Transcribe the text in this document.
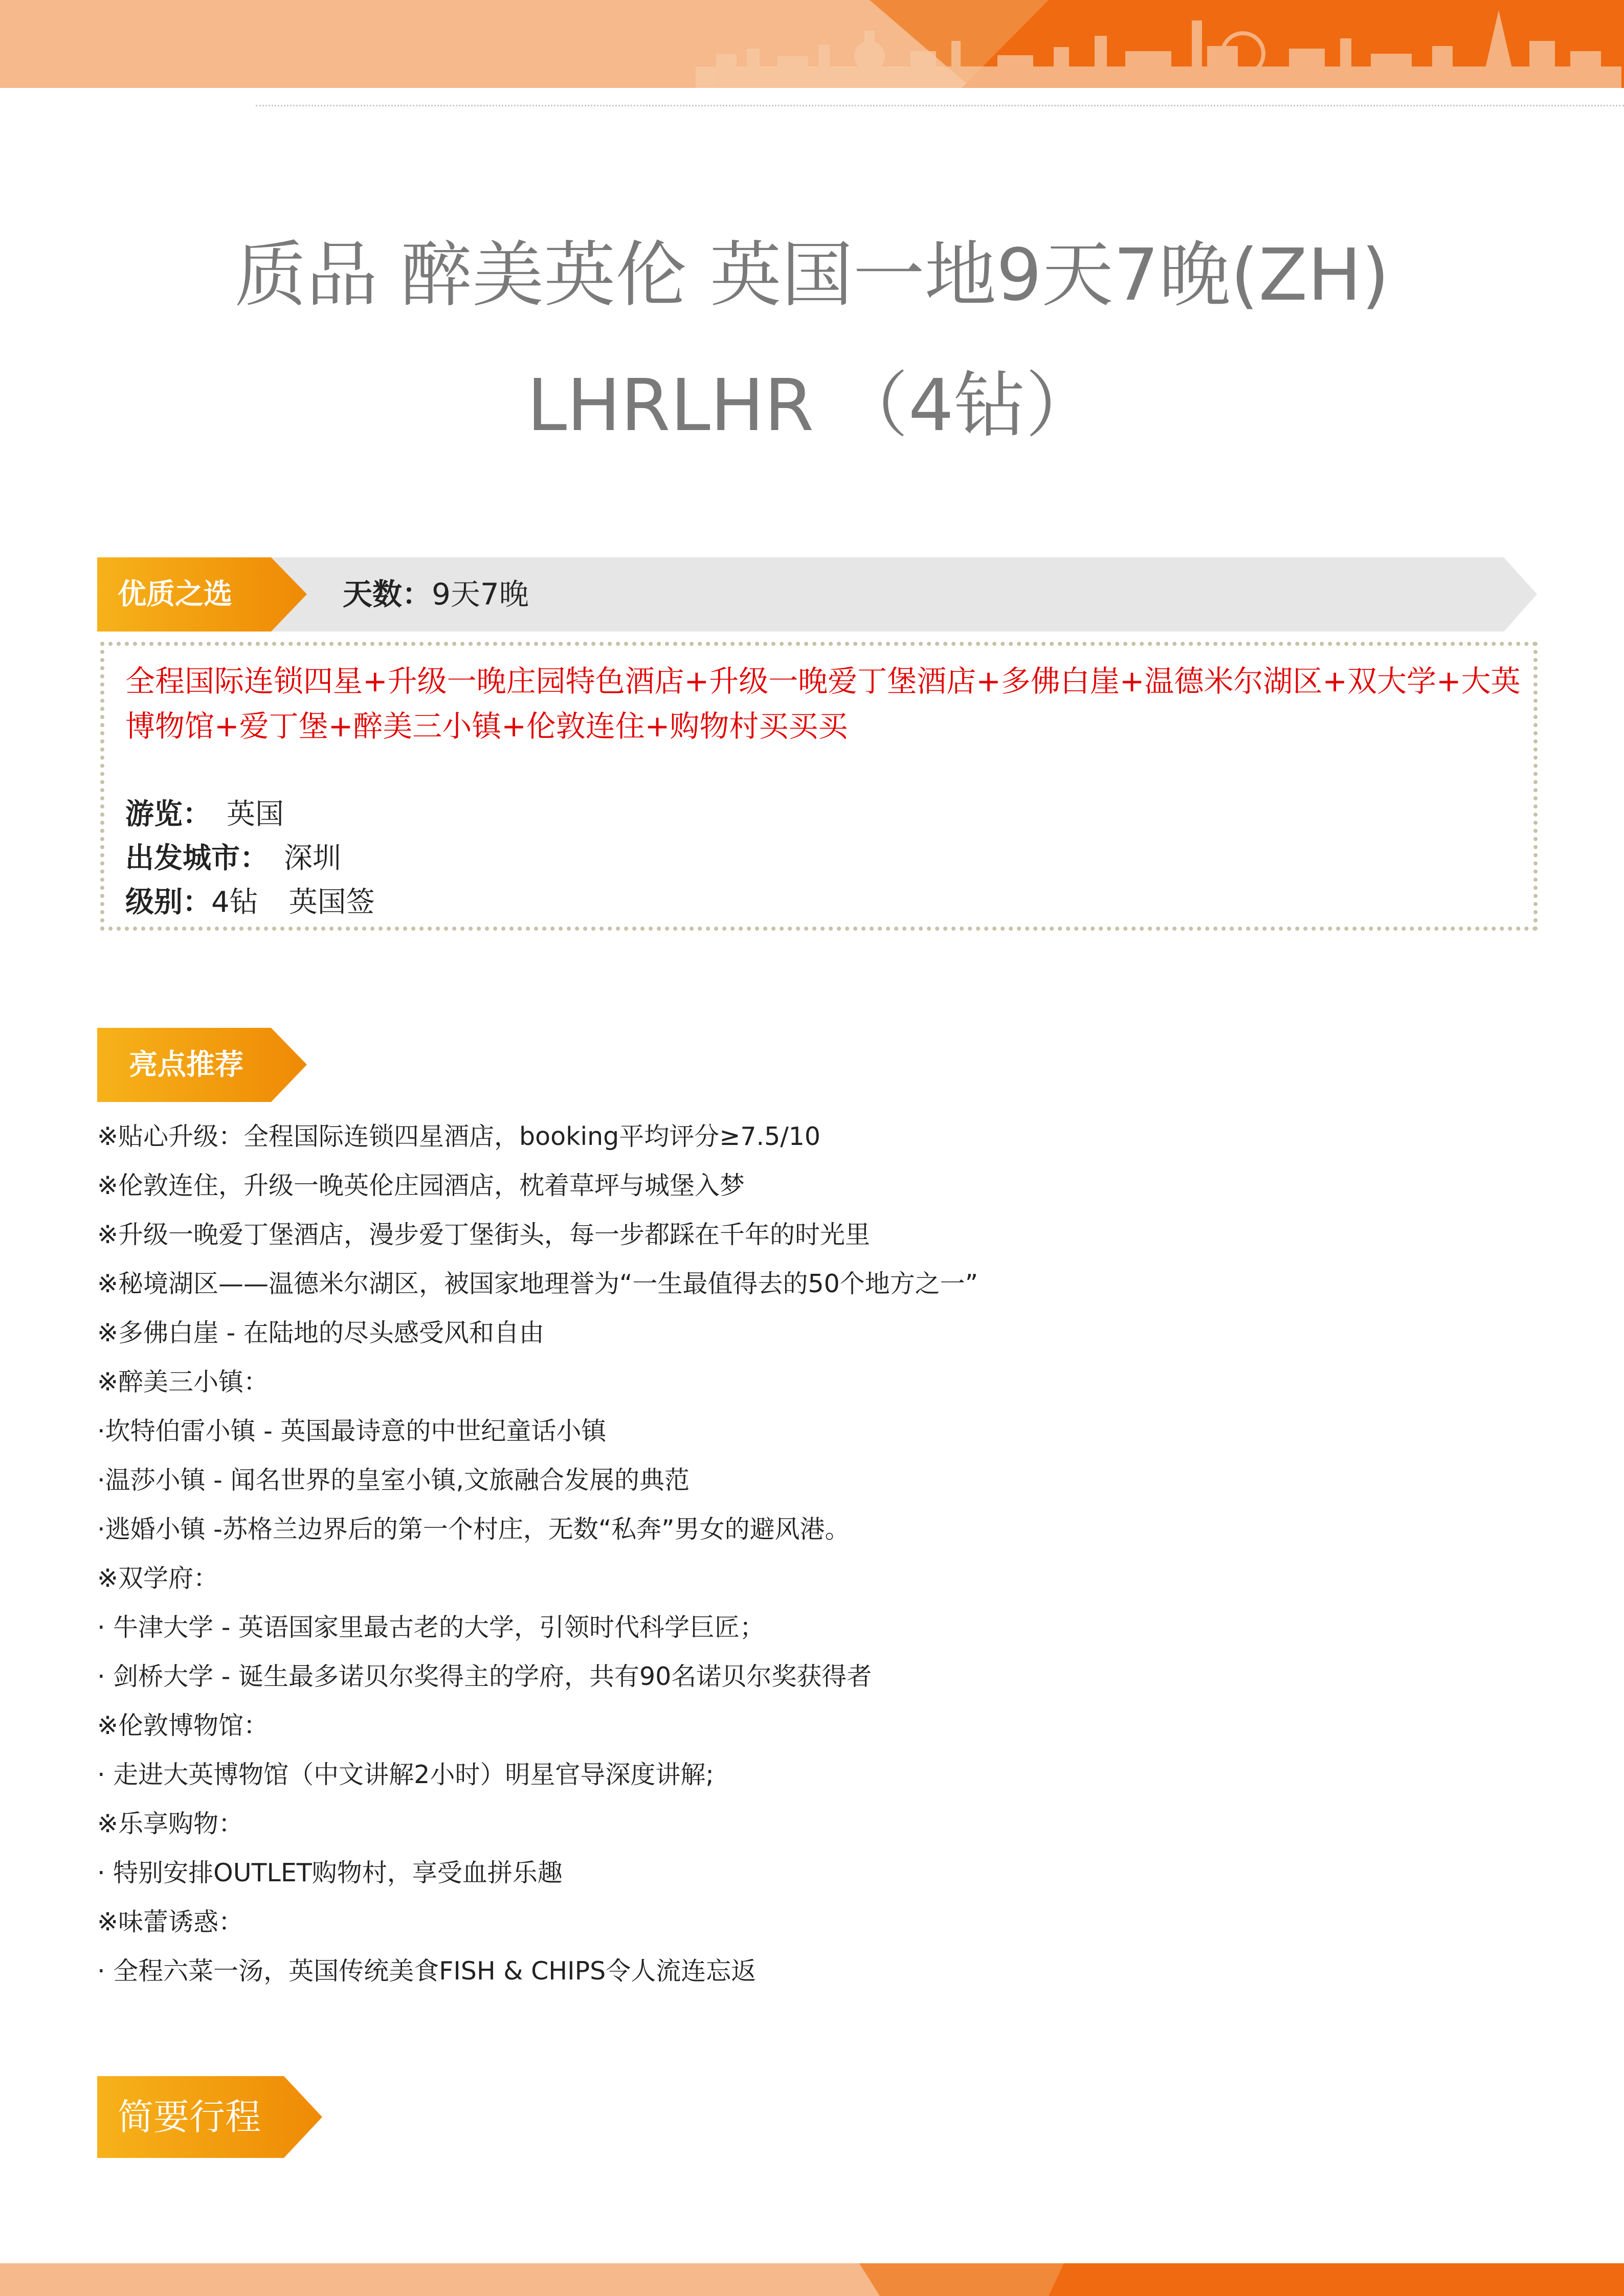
质品 醉美英伦 英国一地9天7晚(ZH)
LHRLHR （4钻）
优质之选	天数：9天7晚
全程国际连锁四星+升级一晚庄园特色酒店+升级一晚爱丁堡酒店+多佛白崖+温德米尔湖区+双大学+大英博物馆+爱丁堡+醉美三小镇+伦敦连住+购物村买买买
游览： 英国
出发城市： 深圳
级别：4钻 英国签
亮点推荐
※贴心升级：全程国际连锁四星酒店，booking平均评分≥7.5/10
※伦敦连住，升级一晚英伦庄园酒店，枕着草坪与城堡入梦
※升级一晚爱丁堡酒店，漫步爱丁堡街头，每一步都踩在千年的时光里
※秘境湖区——温德米尔湖区，被国家地理誉为“一生最值得去的50个地方之一”
※多佛白崖 - 在陆地的尽头感受风和自由
※醉美三小镇：
·坎特伯雷小镇 - 英国最诗意的中世纪童话小镇
·温莎小镇 - 闻名世界的皇室小镇,文旅融合发展的典范
·逃婚小镇 -苏格兰边界后的第一个村庄，无数“私奔”男女的避风港。
※双学府：
· 牛津大学 - 英语国家里最古老的大学，引领时代科学巨匠；
· 剑桥大学 - 诞生最多诺贝尔奖得主的学府，共有90名诺贝尔奖获得者
※伦敦博物馆：
· 走进大英博物馆（中文讲解2小时）明星官导深度讲解;
※乐享购物：
· 特别安排OUTLET购物村，享受血拼乐趣
※味蕾诱惑：
· 全程六菜一汤，英国传统美食FISH & CHIPS令人流连忘返
简要行程
